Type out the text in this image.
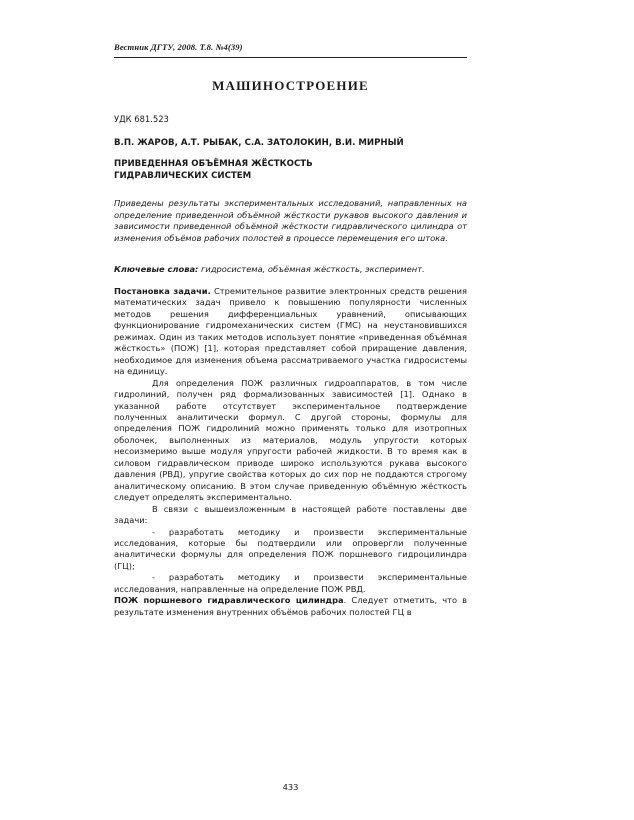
Вестник ДГТУ, 2008. Т.8. №4(39)
МАШИНОСТРОЕНИЕ
УДК 681.523
В.П. ЖАРОВ, А.Т. РЫБАК, С.А. ЗАТОЛОКИН, В.И. МИРНЫЙ
ПРИВЕДЕННАЯ ОБЪЁМНАЯ ЖЁСТКОСТЬ
ГИДРАВЛИЧЕСКИХ СИСТЕМ
Приведены результаты экспериментальных исследований, направленных на определение приведенной объёмной жёсткости рукавов высокого давления и зависимости приведенной объёмной жёсткости гидравлического цилиндра от изменения объёмов рабочих полостей в процессе перемещения его штока.
Ключевые слова: гидросистема, объёмная жёсткость, эксперимент.

Постановка задачи. Стремительное развитие электронных средств решения математических задач привело к повышению популярности численных методов решения дифференциальных уравнений, описывающих функционирование гидромеханических систем (ГМС) на неустановившихся режимах. Один из таких методов использует понятие «приведенная объёмная жёсткость» (ПОЖ) [1], которая представляет собой приращение давления, необходимое для изменения объема рассматриваемого участка гидросистемы на единицу.

Для определения ПОЖ различных гидроаппаратов, в том числе гидролиний, получен ряд формализованных зависимостей [1]. Однако в указанной работе отсутствует экспериментальное подтверждение полученных аналитически формул. С другой стороны, формулы для определения ПОЖ гидролиний можно применять только для изотропных оболочек, выполненных из материалов, модуль упругости которых несоизмеримо выше модуля упругости рабочей жидкости. В то время как в силовом гидравлическом приводе широко используются рукава высокого давления (РВД), упругие свойства которых до сих пор не поддаются строгому аналитическому описанию. В этом случае приведенную объёмную жёсткость следует определять экспериментально.

В связи с вышеизложенным в настоящей работе поставлены две задачи:

- разработать методику и произвести экспериментальные исследования, которые бы подтвердили или опровергли полученные аналитически формулы для определения ПОЖ поршневого гидроцилиндра (ГЦ);

- разработать методику и произвести экспериментальные исследования, направленные на определение ПОЖ РВД.

ПОЖ поршневого гидравлического цилиндра. Следует отметить, что в результате изменения внутренних объёмов рабочих полостей ГЦ в

433
